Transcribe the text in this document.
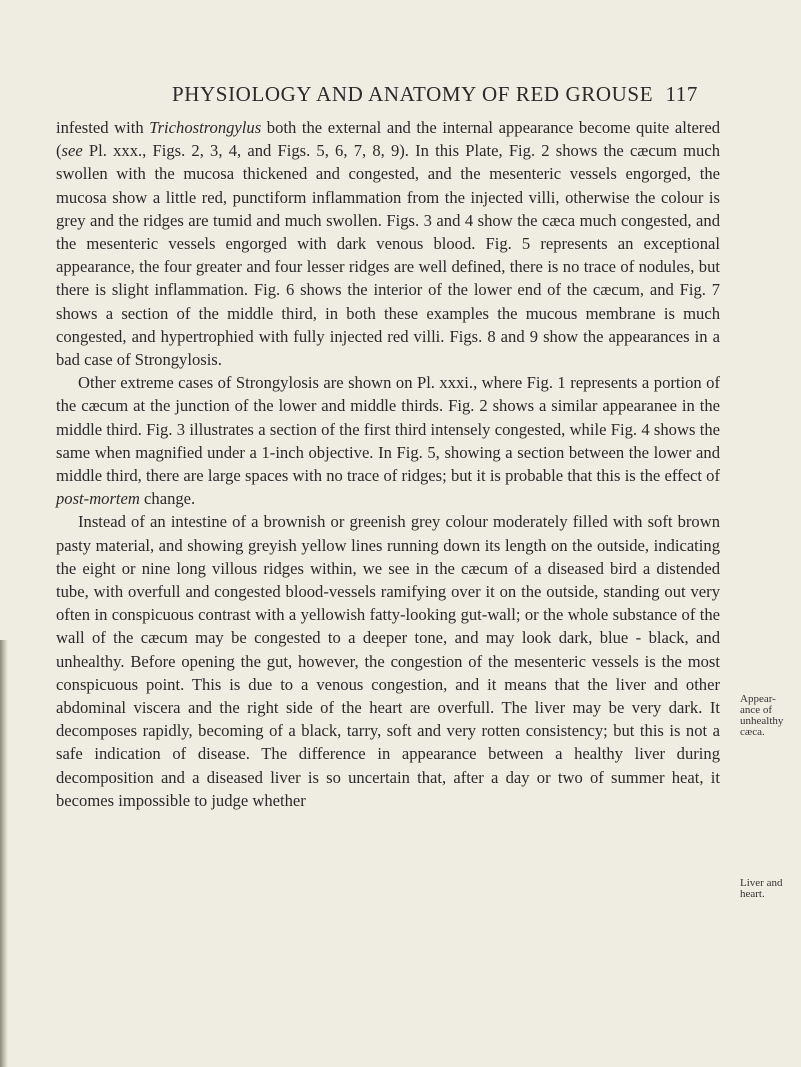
PHYSIOLOGY AND ANATOMY OF RED GROUSE 117

infested with Trichostrongylus both the external and the internal appearance become quite altered (see Pl. xxx., Figs. 2, 3, 4, and Figs. 5, 6, 7, 8, 9). In this Plate, Fig. 2 shows the cæcum much swollen with the mucosa thickened and congested, and the mesenteric vessels engorged, the mucosa show a little red, punctiform inflammation from the injected villi, otherwise the colour is grey and the ridges are tumid and much swollen. Figs. 3 and 4 show the cæca much congested, and the mesenteric vessels engorged with dark venous blood. Fig. 5 represents an exceptional appearance, the four greater and four lesser ridges are well defined, there is no trace of nodules, but there is slight inflammation. Fig. 6 shows the interior of the lower end of the cæcum, and Fig. 7 shows a section of the middle third, in both these examples the mucous membrane is much congested, and hypertrophied with fully injected red villi. Figs. 8 and 9 show the appearances in a bad case of Strongylosis.

Other extreme cases of Strongylosis are shown on Pl. xxxi., where Fig. 1 represents a portion of the cæcum at the junction of the lower and middle thirds. Fig. 2 shows a similar appearanee in the middle third. Fig. 3 illustrates a section of the first third intensely congested, while Fig. 4 shows the same when magnified under a 1-inch objective. In Fig. 5, showing a section between the lower and middle third, there are large spaces with no trace of ridges; but it is probable that this is the effect of post-mortem change.

Instead of an intestine of a brownish or greenish grey colour moderately filled with soft brown pasty material, and showing greyish yellow lines running down its length on the outside, indicating the eight or nine long villous ridges within, we see in the cæcum of a diseased bird a distended tube, with overfull and congested blood-vessels ramifying over it on the outside, standing out very often in conspicuous contrast with a yellowish fatty-looking gut-wall; or the whole substance of the wall of the cæcum may be congested to a deeper tone, and may look dark, blue - black, and unhealthy. Before opening the gut, however, the congestion of the mesenteric vessels is the most conspicuous point. This is due to a venous congestion, and it means that the liver and other abdominal viscera and the right side of the heart are overfull. The liver may be very dark. It decomposes rapidly, becoming of a black, tarry, soft and very rotten consistency; but this is not a safe indication of disease. The difference in appearance between a healthy liver during decomposition and a diseased liver is so uncertain that, after a day or two of summer heat, it becomes impossible to judge whether

Appear-
ance of
unhealthy
cæca.
Liver and
heart.
